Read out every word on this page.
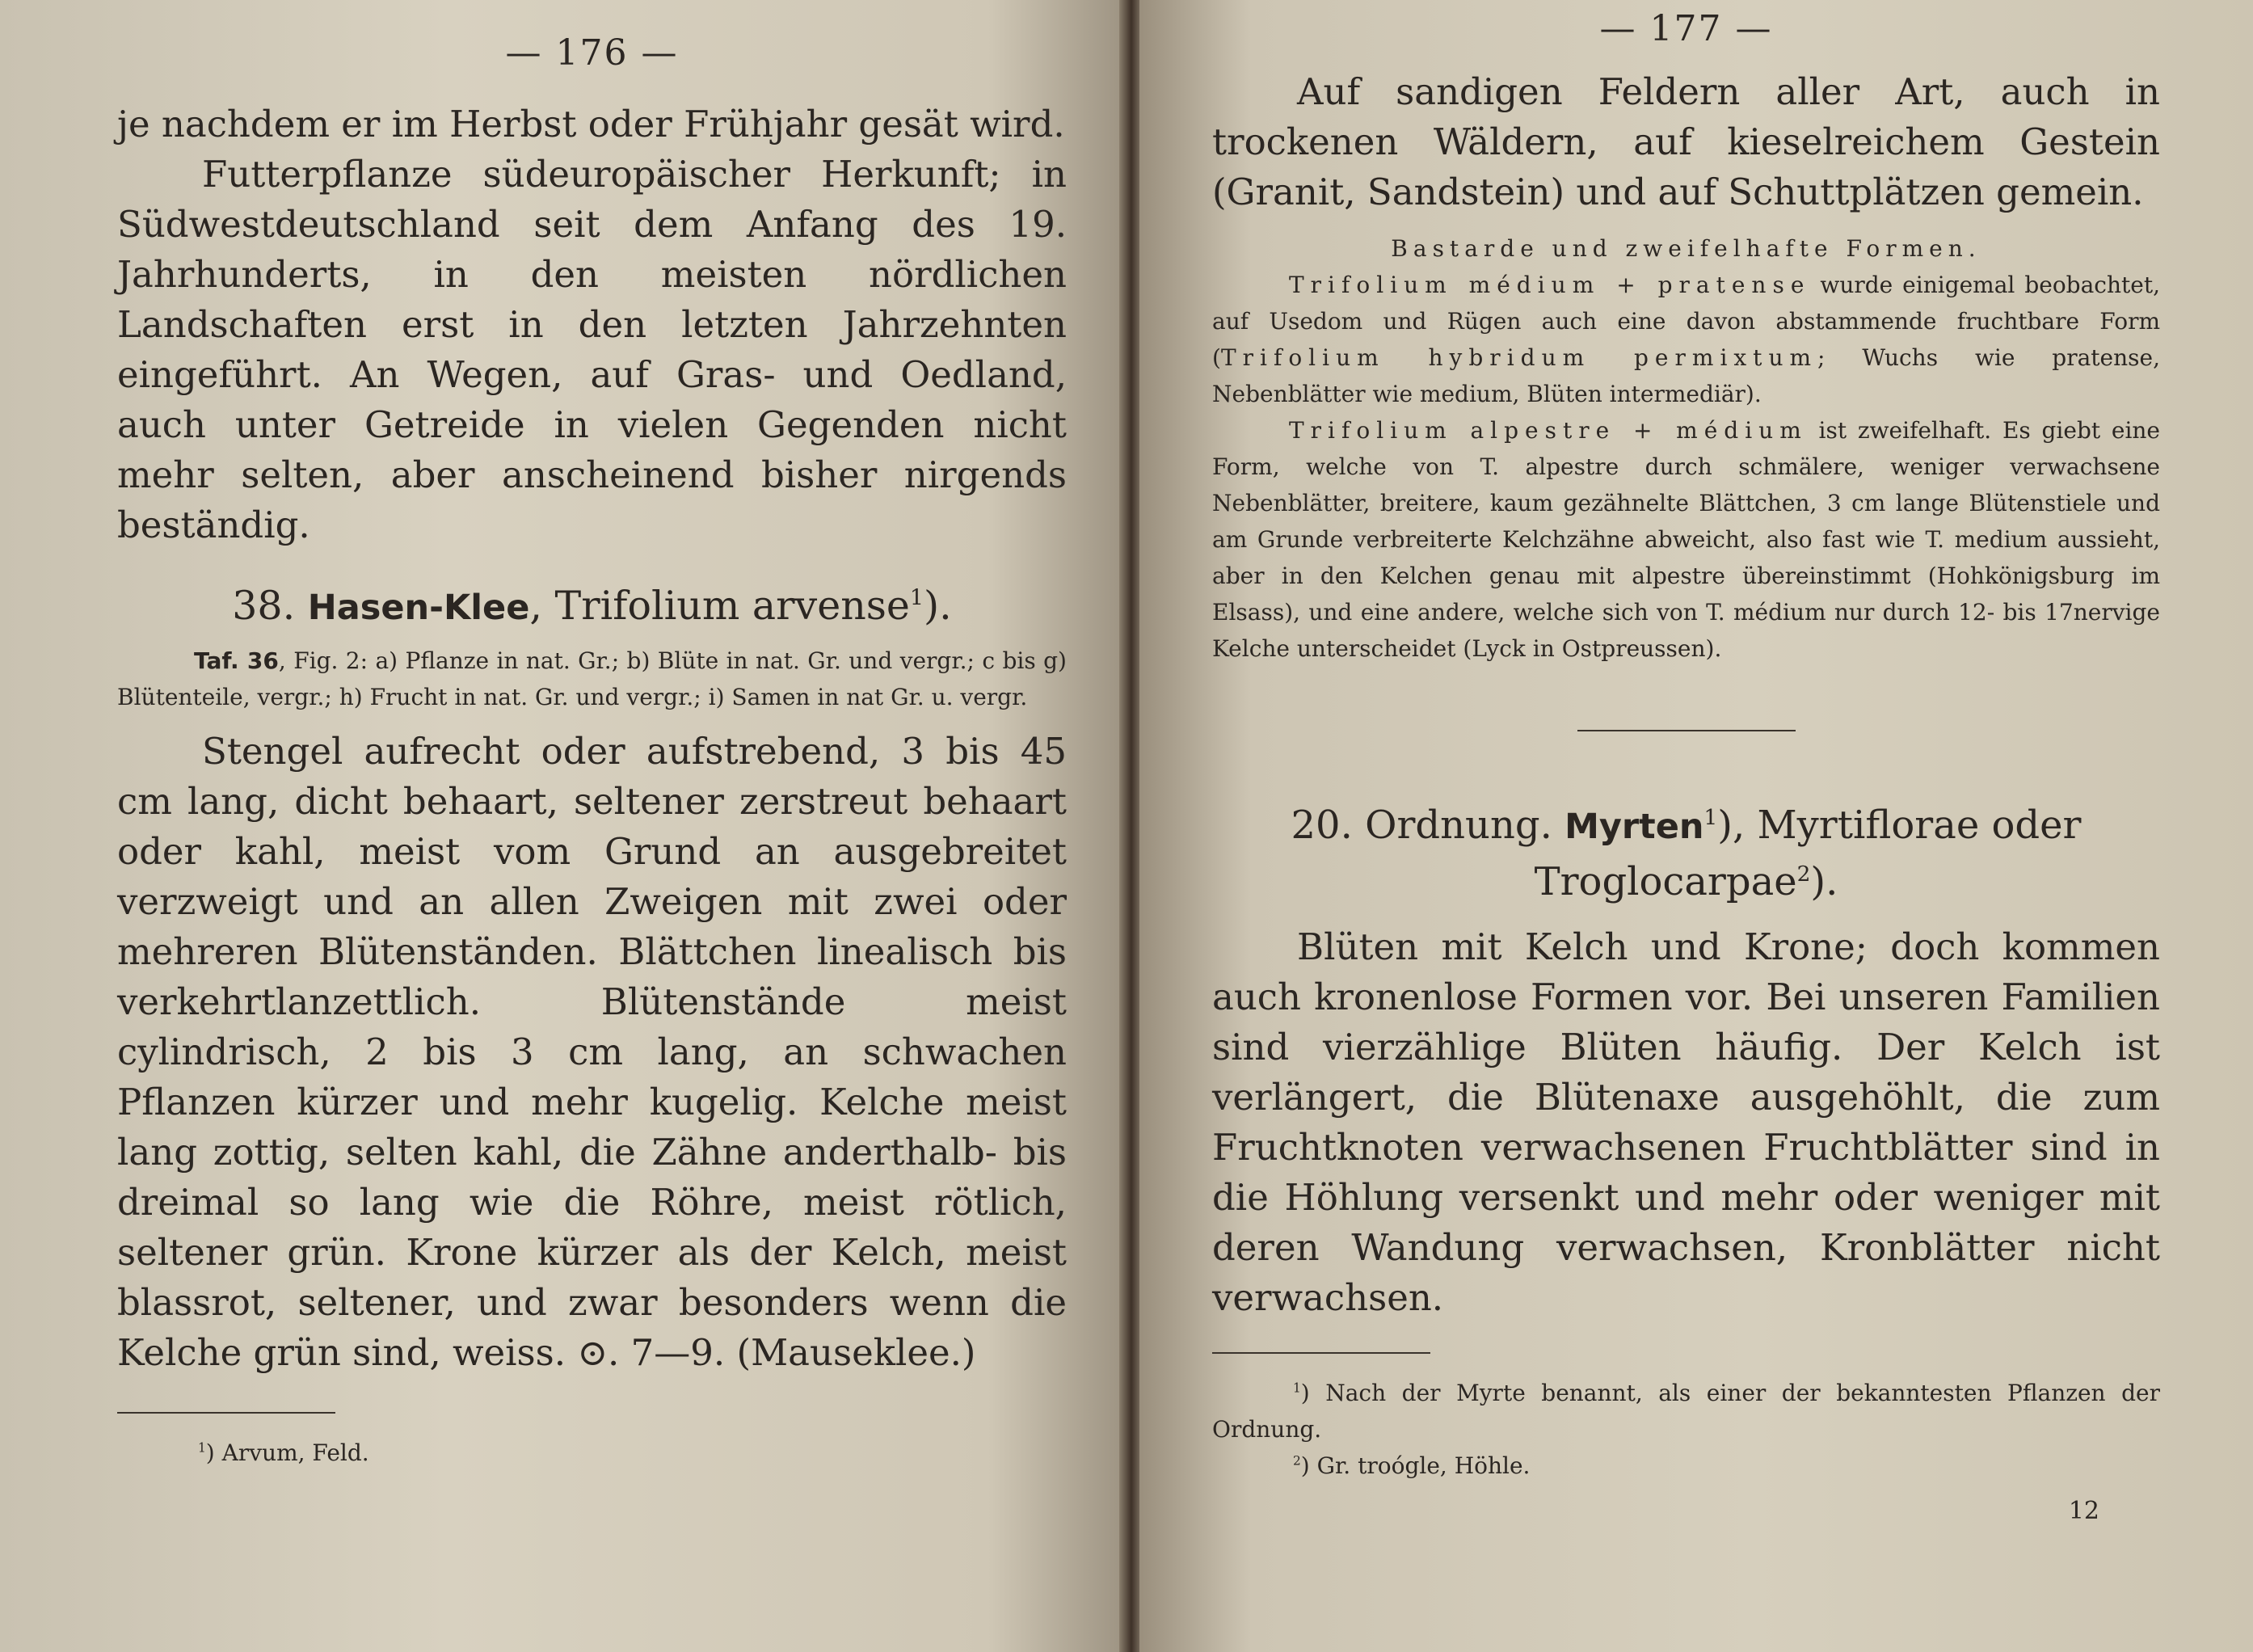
— 176 —

je nachdem er im Herbst oder Frühjahr gesät wird.

Futterpflanze südeuropäischer Herkunft; in Südwestdeutschland seit dem Anfang des 19. Jahrhunderts, in den meisten nördlichen Landschaften erst in den letzten Jahrzehnten eingeführt. An Wegen, auf Gras- und Oedland, auch unter Getreide in vielen Gegenden nicht mehr selten, aber anscheinend bisher nirgends beständig.

38. Hasen-Klee, Trifolium arvense$^1$).

Taf. 36, Fig. 2: a) Pflanze in nat. Gr.; b) Blüte in nat. Gr. und vergr.; c bis g) Blütenteile, vergr.; h) Frucht in nat. Gr. und vergr.; i) Samen in nat Gr. u. vergr.

Stengel aufrecht oder aufstrebend, 3 bis 45 cm lang, dicht behaart, seltener zerstreut behaart oder kahl, meist vom Grund an ausgebreitet verzweigt und an allen Zweigen mit zwei oder mehreren Blütenständen. Blättchen linealisch bis verkehrtlanzettlich. Blütenstände meist cylindrisch, 2 bis 3 cm lang, an schwachen Pflanzen kürzer und mehr kugelig. Kelche meist lang zottig, selten kahl, die Zähne anderthalb- bis dreimal so lang wie die Röhre, meist rötlich, seltener grün. Krone kürzer als der Kelch, meist blassrot, seltener, und zwar besonders wenn die Kelche grün sind, weiss. ⊙. 7—9. (Mauseklee.)

$^1$) Arvum, Feld.

— 177 —

Auf sandigen Feldern aller Art, auch in trockenen Wäldern, auf kieselreichem Gestein (Granit, Sandstein) und auf Schuttplätzen gemein.

Bastarde und zweifelhafte Formen.

Trifolium médium + pratense wurde einigemal beobachtet, auf Usedom und Rügen auch eine davon abstammende fruchtbare Form (Trifolium hybridum permixtum; Wuchs wie pratense, Nebenblätter wie medium, Blüten intermediär).

Trifolium alpestre + médium ist zweifelhaft. Es giebt eine Form, welche von T. alpestre durch schmälere, weniger verwachsene Nebenblätter, breitere, kaum gezähnelte Blättchen, 3 cm lange Blütenstiele und am Grunde verbreiterte Kelchzähne abweicht, also fast wie T. medium aussieht, aber in den Kelchen genau mit alpestre übereinstimmt (Hohkönigsburg im Elsass), und eine andere, welche sich von T. médium nur durch 12- bis 17nervige Kelche unterscheidet (Lyck in Ostpreussen).

20. Ordnung. Myrten$^1$), Myrtiflorae oder Troglocarpae$^2$).

Blüten mit Kelch und Krone; doch kommen auch kronenlose Formen vor. Bei unseren Familien sind vierzählige Blüten häufig. Der Kelch ist verlängert, die Blütenaxe ausgehöhlt, die zum Fruchtknoten verwachsenen Fruchtblätter sind in die Höhlung versenkt und mehr oder weniger mit deren Wandung verwachsen, Kronblätter nicht verwachsen.

$^1$) Nach der Myrte benannt, als einer der bekanntesten Pflanzen der Ordnung.

$^2$) Gr. troógle, Höhle.

12
